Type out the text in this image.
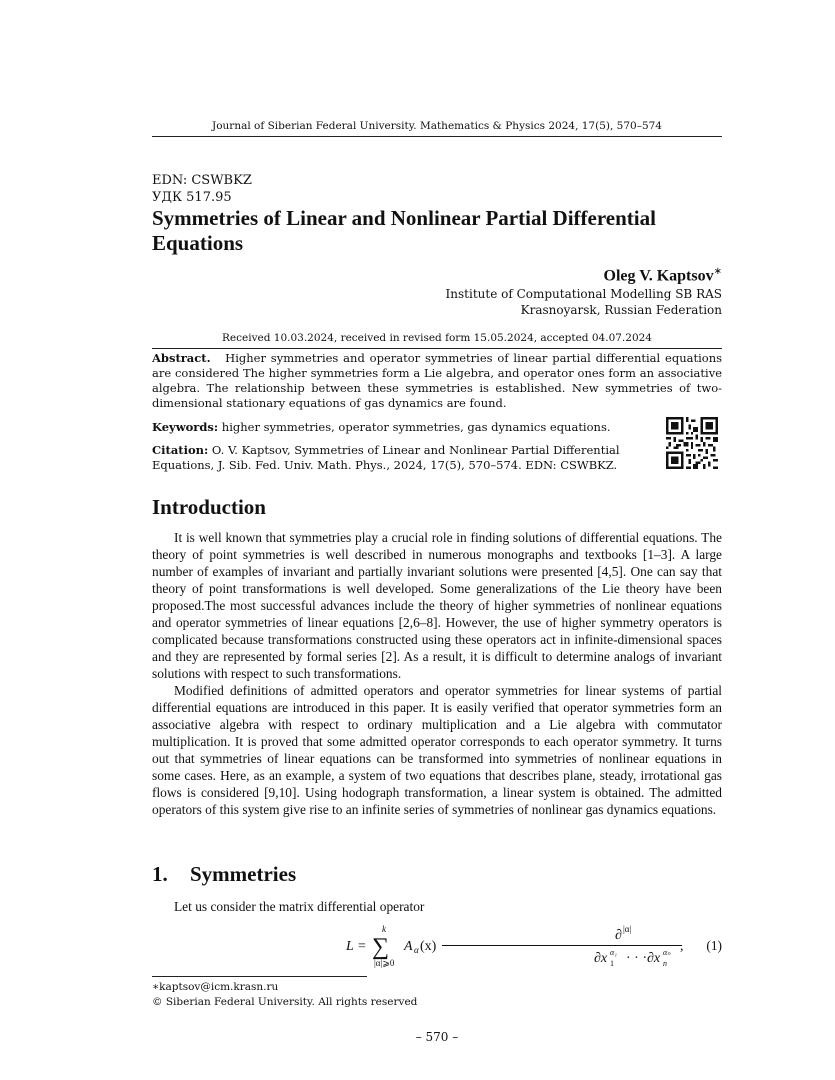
Journal of Siberian Federal University. Mathematics & Physics 2024, 17(5), 570–574
EDN: CSWBKZ
УДК 517.95
Symmetries of Linear and Nonlinear Partial Differential Equations
Oleg V. Kaptsov∗
Institute of Computational Modelling SB RAS
Krasnoyarsk, Russian Federation
Received 10.03.2024, received in revised form 15.05.2024, accepted 04.07.2024

Abstract. Higher symmetries and operator symmetries of linear partial differential equations are considered The higher symmetries form a Lie algebra, and operator ones form an associative algebra. The relationship between these symmetries is established. New symmetries of two-dimensional stationary equations of gas dynamics are found.

Keywords: higher symmetries, operator symmetries, gas dynamics equations.

Citation: O. V. Kaptsov, Symmetries of Linear and Nonlinear Partial Differential Equations, J. Sib. Fed. Univ. Math. Phys., 2024, 17(5), 570–574. EDN: CSWBKZ.

Introduction

It is well known that symmetries play a crucial role in finding solutions of differential equations. The theory of point symmetries is well described in numerous monographs and textbooks [1–3]. A large number of examples of invariant and partially invariant solutions were presented [4,5]. One can say that theory of point transformations is well developed. Some generalizations of the Lie theory have been proposed.The most successful advances include the theory of higher symmetries of nonlinear equations and operator symmetries of linear equations [2,6–8]. However, the use of higher symmetry operators is complicated because transformations constructed using these operators act in infinite-dimensional spaces and they are represented by formal series [2]. As a result, it is difficult to determine analogs of invariant solutions with respect to such transformations.

Modified definitions of admitted operators and operator symmetries for linear systems of partial differential equations are introduced in this paper. It is easily verified that operator symmetries form an associative algebra with respect to ordinary multiplication and a Lie algebra with commutator multiplication. It is proved that some admitted operator corresponds to each operator symmetry. It turns out that symmetries of linear equations can be transformed into symmetries of nonlinear equations in some cases. Here, as an example, a system of two equations that describes plane, steady, irrotational gas flows is considered [9,10]. Using hodograph transformation, a linear system is obtained. The admitted operators of this system give rise to an infinite series of symmetries of nonlinear gas dynamics equations.

1. Symmetries

Let us consider the matrix differential operator

L =
k
∑
|α|⩾0
A α (x)
∂ |α|
∂x 1
α₁ · · · ∂x n
αₙ , (1)
∗kaptsov@icm.krasn.ru
© Siberian Federal University. All rights reserved
– 570 –
